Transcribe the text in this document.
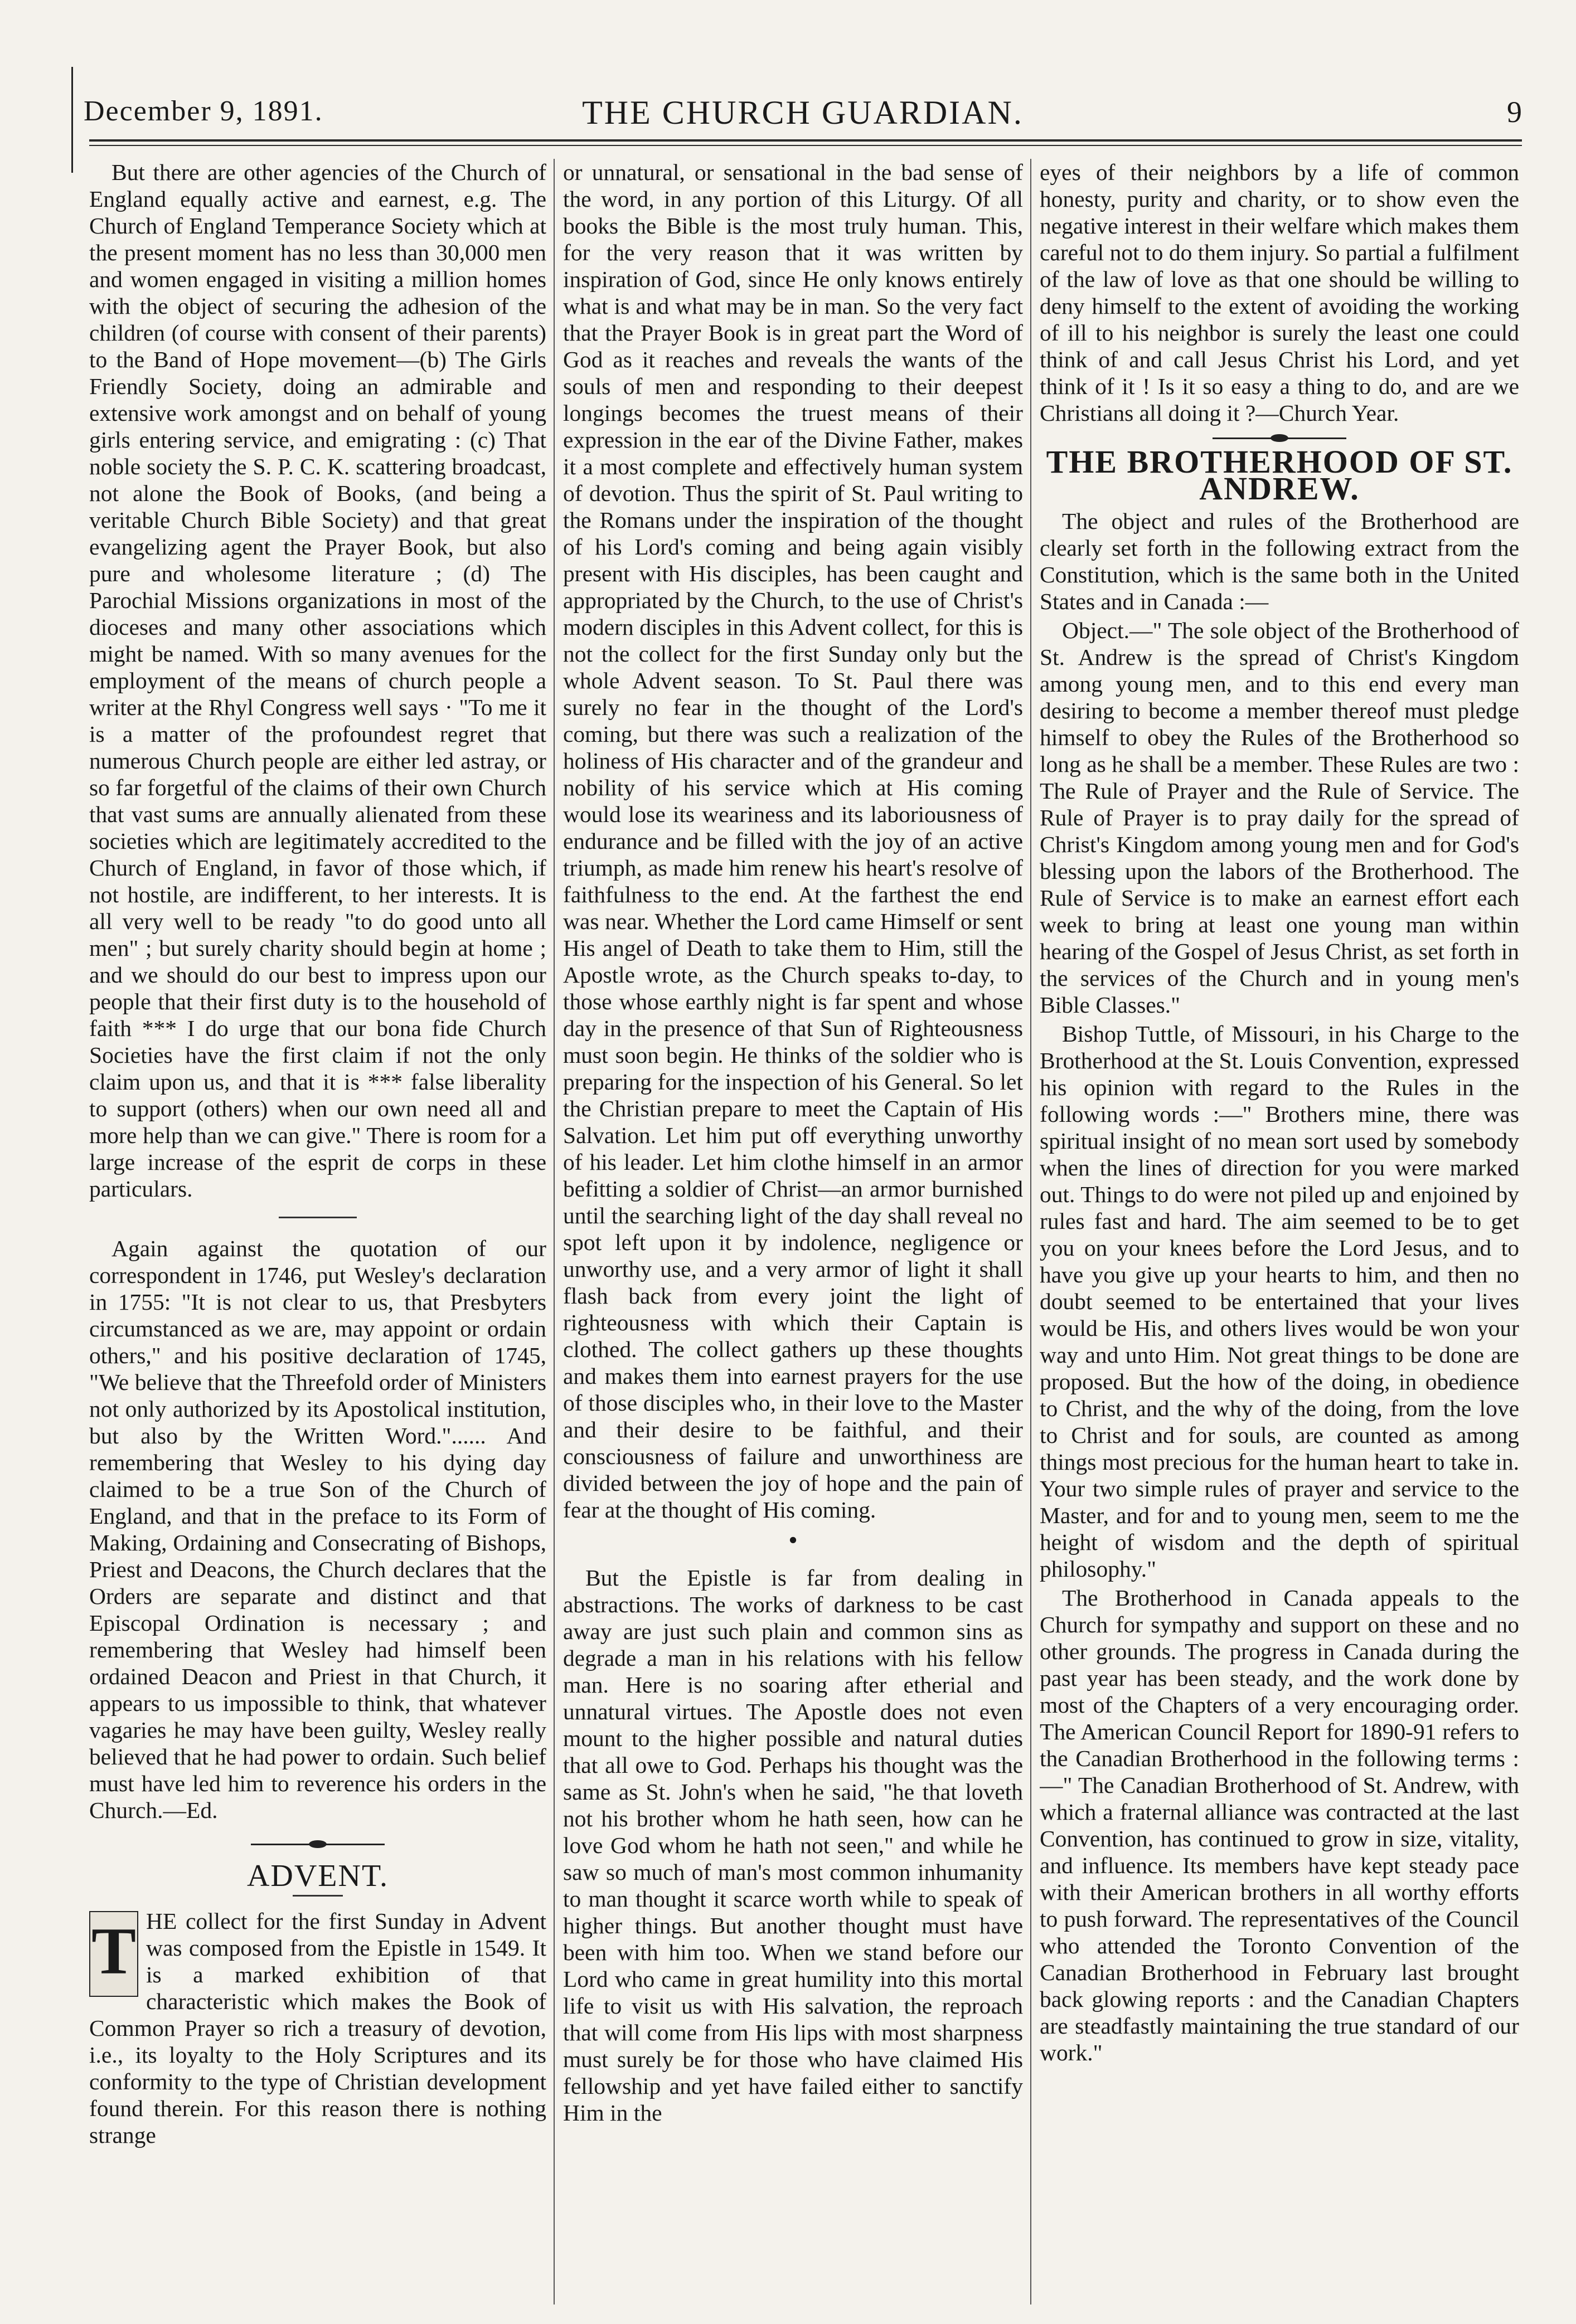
December 9, 1891.	THE CHURCH GUARDIAN.	9

But there are other agencies of the Church of England equally active and earnest, e.g. The Church of England Temperance Society which at the present moment has no less than 30,000 men and women engaged in visiting a million homes with the object of securing the adhesion of the children (of course with consent of their parents) to the Band of Hope movement—(b) The Girls Friendly Society, doing an admirable and extensive work amongst and on behalf of young girls entering service, and emigrating : (c) That noble society the S. P. C. K. scattering broadcast, not alone the Book of Books, (and being a veritable Church Bible Society) and that great evangelizing agent the Prayer Book, but also pure and wholesome literature ; (d) The Parochial Missions organizations in most of the dioceses and many other associations which might be named. With so many avenues for the employment of the means of church people a writer at the Rhyl Congress well says · "To me it is a matter of the profoundest regret that numerous Church people are either led astray, or so far forgetful of the claims of their own Church that vast sums are annually alienated from these societies which are legitimately accredited to the Church of England, in favor of those which, if not hostile, are indifferent, to her interests. It is all very well to be ready "to do good unto all men" ; but surely charity should begin at home ; and we should do our best to impress upon our people that their first duty is to the household of faith *** I do urge that our bona fide Church Societies have the first claim if not the only claim upon us, and that it is *** false liberality to support (others) when our own need all and more help than we can give." There is room for a large increase of the esprit de corps in these particulars.

Again against the quotation of our correspondent in 1746, put Wesley's declaration in 1755: "It is not clear to us, that Presbyters circumstanced as we are, may appoint or ordain others," and his positive declaration of 1745, "We believe that the Threefold order of Ministers not only authorized by its Apostolical institution, but also by the Written Word."...... And remembering that Wesley to his dying day claimed to be a true Son of the Church of England, and that in the preface to its Form of Making, Ordaining and Consecrating of Bishops, Priest and Deacons, the Church declares that the Orders are separate and distinct and that Episcopal Ordination is necessary ; and remembering that Wesley had himself been ordained Deacon and Priest in that Church, it appears to us impossible to think, that whatever vagaries he may have been guilty, Wesley really believed that he had power to ordain. Such belief must have led him to reverence his orders in the Church.—Ed.

ADVENT.
T HE collect for the first Sunday in Advent was composed from the Epistle in 1549. It is a marked exhibition of that characteristic which makes the Book of Common Prayer so rich a treasury of devotion, i.e., its loyalty to the Holy Scriptures and its conformity to the type of Christian development found therein. For this reason there is nothing strange

or unnatural, or sensational in the bad sense of the word, in any portion of this Liturgy. Of all books the Bible is the most truly human. This, for the very reason that it was written by inspiration of God, since He only knows entirely what is and what may be in man. So the very fact that the Prayer Book is in great part the Word of God as it reaches and reveals the wants of the souls of men and responding to their deepest longings becomes the truest means of their expression in the ear of the Divine Father, makes it a most complete and effectively human system of devotion. Thus the spirit of St. Paul writing to the Romans under the inspiration of the thought of his Lord's coming and being again visibly present with His disciples, has been caught and appropriated by the Church, to the use of Christ's modern disciples in this Advent collect, for this is not the collect for the first Sunday only but the whole Advent season. To St. Paul there was surely no fear in the thought of the Lord's coming, but there was such a realization of the holiness of His character and of the grandeur and nobility of his service which at His coming would lose its weariness and its laboriousness of endurance and be filled with the joy of an active triumph, as made him renew his heart's resolve of faithfulness to the end. At the farthest the end was near. Whether the Lord came Himself or sent His angel of Death to take them to Him, still the Apostle wrote, as the Church speaks to-day, to those whose earthly night is far spent and whose day in the presence of that Sun of Righteousness must soon begin. He thinks of the soldier who is preparing for the inspection of his General. So let the Christian prepare to meet the Captain of His Salvation. Let him put off everything unworthy of his leader. Let him clothe himself in an armor befitting a soldier of Christ—an armor burnished until the searching light of the day shall reveal no spot left upon it by indolence, negligence or unworthy use, and a very armor of light it shall flash back from every joint the light of righteousness with which their Captain is clothed. The collect gathers up these thoughts and makes them into earnest prayers for the use of those disciples who, in their love to the Master and their desire to be faithful, and their consciousness of failure and unworthiness are divided between the joy of hope and the pain of fear at the thought of His coming.

•

But the Epistle is far from dealing in abstractions. The works of darkness to be cast away are just such plain and common sins as degrade a man in his relations with his fellow man. Here is no soaring after etherial and unnatural virtues. The Apostle does not even mount to the higher possible and natural duties that all owe to God. Perhaps his thought was the same as St. John's when he said, "he that loveth not his brother whom he hath seen, how can he love God whom he hath not seen," and while he saw so much of man's most common inhumanity to man thought it scarce worth while to speak of higher things. But another thought must have been with him too. When we stand before our Lord who came in great humility into this mortal life to visit us with His salvation, the reproach that will come from His lips with most sharpness must surely be for those who have claimed His fellowship and yet have failed either to sanctify Him in the

eyes of their neighbors by a life of common honesty, purity and charity, or to show even the negative interest in their welfare which makes them careful not to do them injury. So partial a fulfilment of the law of love as that one should be willing to deny himself to the extent of avoiding the working of ill to his neighbor is surely the least one could think of and call Jesus Christ his Lord, and yet think of it ! Is it so easy a thing to do, and are we Christians all doing it ?—Church Year.

THE BROTHERHOOD OF ST. ANDREW.

The object and rules of the Brotherhood are clearly set forth in the following extract from the Constitution, which is the same both in the United States and in Canada :—

Object.—" The sole object of the Brotherhood of St. Andrew is the spread of Christ's Kingdom among young men, and to this end every man desiring to become a member thereof must pledge himself to obey the Rules of the Brotherhood so long as he shall be a member. These Rules are two : The Rule of Prayer and the Rule of Service. The Rule of Prayer is to pray daily for the spread of Christ's Kingdom among young men and for God's blessing upon the labors of the Brotherhood. The Rule of Service is to make an earnest effort each week to bring at least one young man within hearing of the Gospel of Jesus Christ, as set forth in the services of the Church and in young men's Bible Classes."

Bishop Tuttle, of Missouri, in his Charge to the Brotherhood at the St. Louis Convention, expressed his opinion with regard to the Rules in the following words :—" Brothers mine, there was spiritual insight of no mean sort used by somebody when the lines of direction for you were marked out. Things to do were not piled up and enjoined by rules fast and hard. The aim seemed to be to get you on your knees before the Lord Jesus, and to have you give up your hearts to him, and then no doubt seemed to be entertained that your lives would be His, and others lives would be won your way and unto Him. Not great things to be done are proposed. But the how of the doing, in obedience to Christ, and the why of the doing, from the love to Christ and for souls, are counted as among things most precious for the human heart to take in. Your two simple rules of prayer and service to the Master, and for and to young men, seem to me the height of wisdom and the depth of spiritual philosophy."

The Brotherhood in Canada appeals to the Church for sympathy and support on these and no other grounds. The progress in Canada during the past year has been steady, and the work done by most of the Chapters of a very encouraging order. The American Council Report for 1890-91 refers to the Canadian Brotherhood in the following terms :—" The Canadian Brotherhood of St. Andrew, with which a fraternal alliance was contracted at the last Convention, has continued to grow in size, vitality, and influence. Its members have kept steady pace with their American brothers in all worthy efforts to push forward. The representatives of the Council who attended the Toronto Convention of the Canadian Brotherhood in February last brought back glowing reports : and the Canadian Chapters are steadfastly maintaining the true standard of our work."
